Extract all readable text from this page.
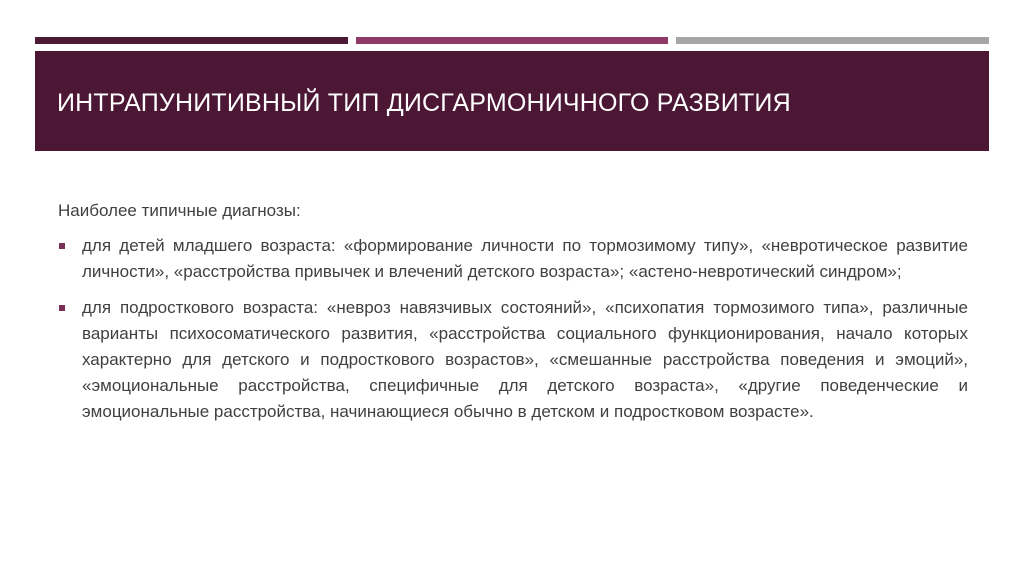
ИНТРАПУНИТИВНЫЙ ТИП ДИСГАРМОНИЧНОГО РАЗВИТИЯ

Наиболее типичные диагнозы:

для детей младшего возраста: «формирование личности по тормозимому типу», «невротическое развитие личности», «расстройства привычек и влечений детского возраста»; «астено-невротический синдром»;
для подросткового возраста: «невроз навязчивых состояний», «психопатия тормозимого типа», различные варианты психосоматического развития, «расстройства социального функционирования, начало которых характерно для детского и подросткового возрастов», «смешанные расстройства поведения и эмоций», «эмоциональные расстройства, специфичные для детского возраста», «другие поведенческие и эмоциональные расстройства, начинающиеся обычно в детском и подростковом возрасте».
